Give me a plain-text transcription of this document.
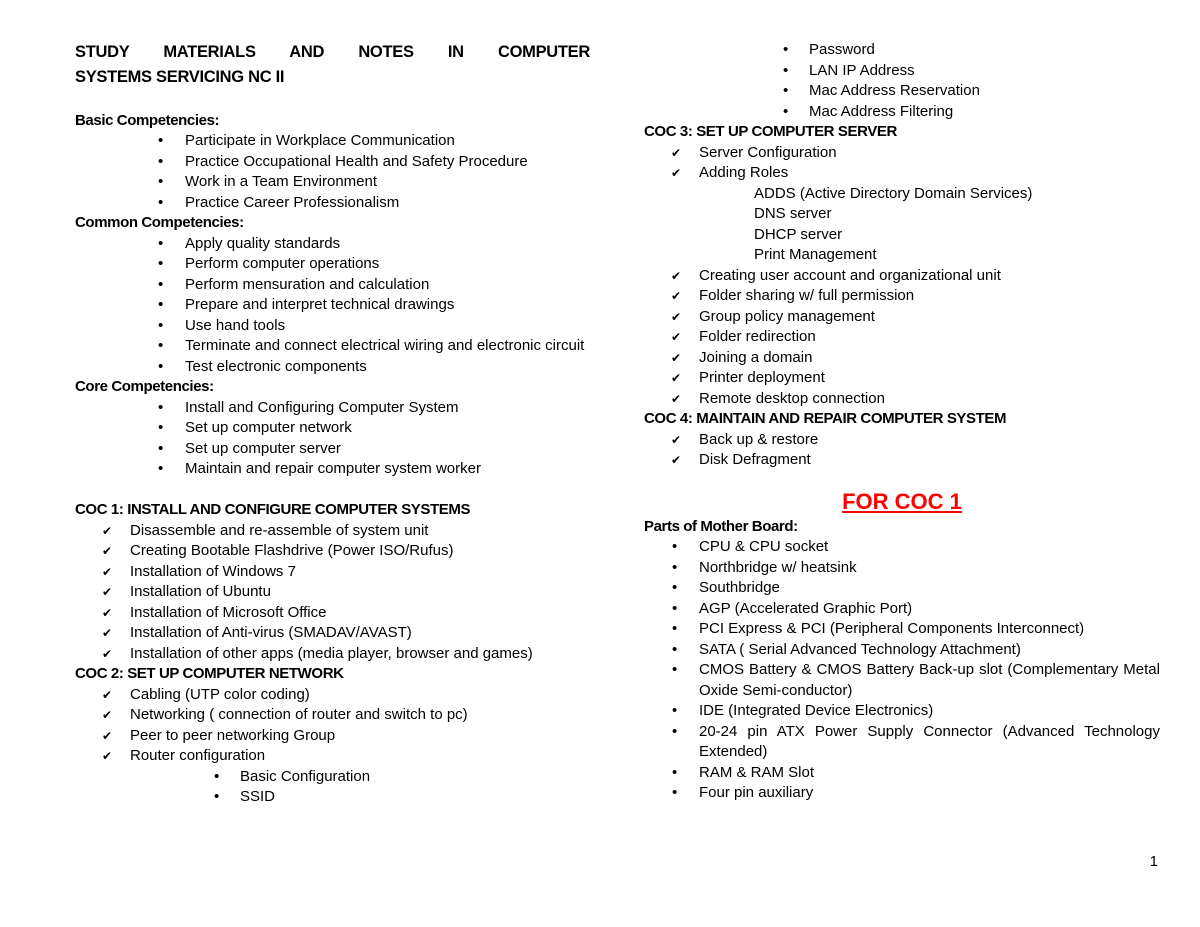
STUDY MATERIALS AND NOTES IN COMPUTER
SYSTEMS SERVICING NC II
Basic Competencies:
• Participate in Workplace Communication
• Practice Occupational Health and Safety Procedure
• Work in a Team Environment
• Practice Career Professionalism
Common Competencies:
• Apply quality standards
• Perform computer operations
• Perform mensuration and calculation
• Prepare and interpret technical drawings
• Use hand tools
• Terminate and connect electrical wiring and electronic circuit
• Test electronic components
Core Competencies:
• Install and Configuring Computer System
• Set up computer network
• Set up computer server
• Maintain and repair computer system worker
COC 1: INSTALL AND CONFIGURE COMPUTER SYSTEMS
✔ Disassemble and re-assemble of system unit
✔ Creating Bootable Flashdrive (Power ISO/Rufus)
✔ Installation of Windows 7
✔ Installation of Ubuntu
✔ Installation of Microsoft Office
✔ Installation of Anti-virus (SMADAV/AVAST)
✔ Installation of other apps (media player, browser and games)
COC 2: SET UP COMPUTER NETWORK
✔ Cabling (UTP color coding)
✔ Networking ( connection of router and switch to pc)
✔ Peer to peer networking Group
✔ Router configuration
• Basic Configuration
• SSID
• Password
• LAN IP Address
• Mac Address Reservation
• Mac Address Filtering
COC 3: SET UP COMPUTER SERVER
✔ Server Configuration
✔ Adding Roles
ADDS (Active Directory Domain Services)
DNS server
DHCP server
Print Management
✔ Creating user account and organizational unit
✔ Folder sharing w/ full permission
✔ Group policy management
✔ Folder redirection
✔ Joining a domain
✔ Printer deployment
✔ Remote desktop connection
COC 4: MAINTAIN AND REPAIR COMPUTER SYSTEM
✔ Back up & restore
✔ Disk Defragment
FOR COC 1
Parts of Mother Board:
• CPU & CPU socket
• Northbridge w/ heatsink
• Southbridge
• AGP (Accelerated Graphic Port)
• PCI Express & PCI (Peripheral Components Interconnect)
• SATA ( Serial Advanced Technology Attachment)
• CMOS Battery & CMOS Battery Back-up slot (Complementary Metal Oxide Semi-conductor)
• IDE (Integrated Device Electronics)
• 20-24 pin ATX Power Supply Connector (Advanced Technology Extended)
• RAM & RAM Slot
• Four pin auxiliary
1
